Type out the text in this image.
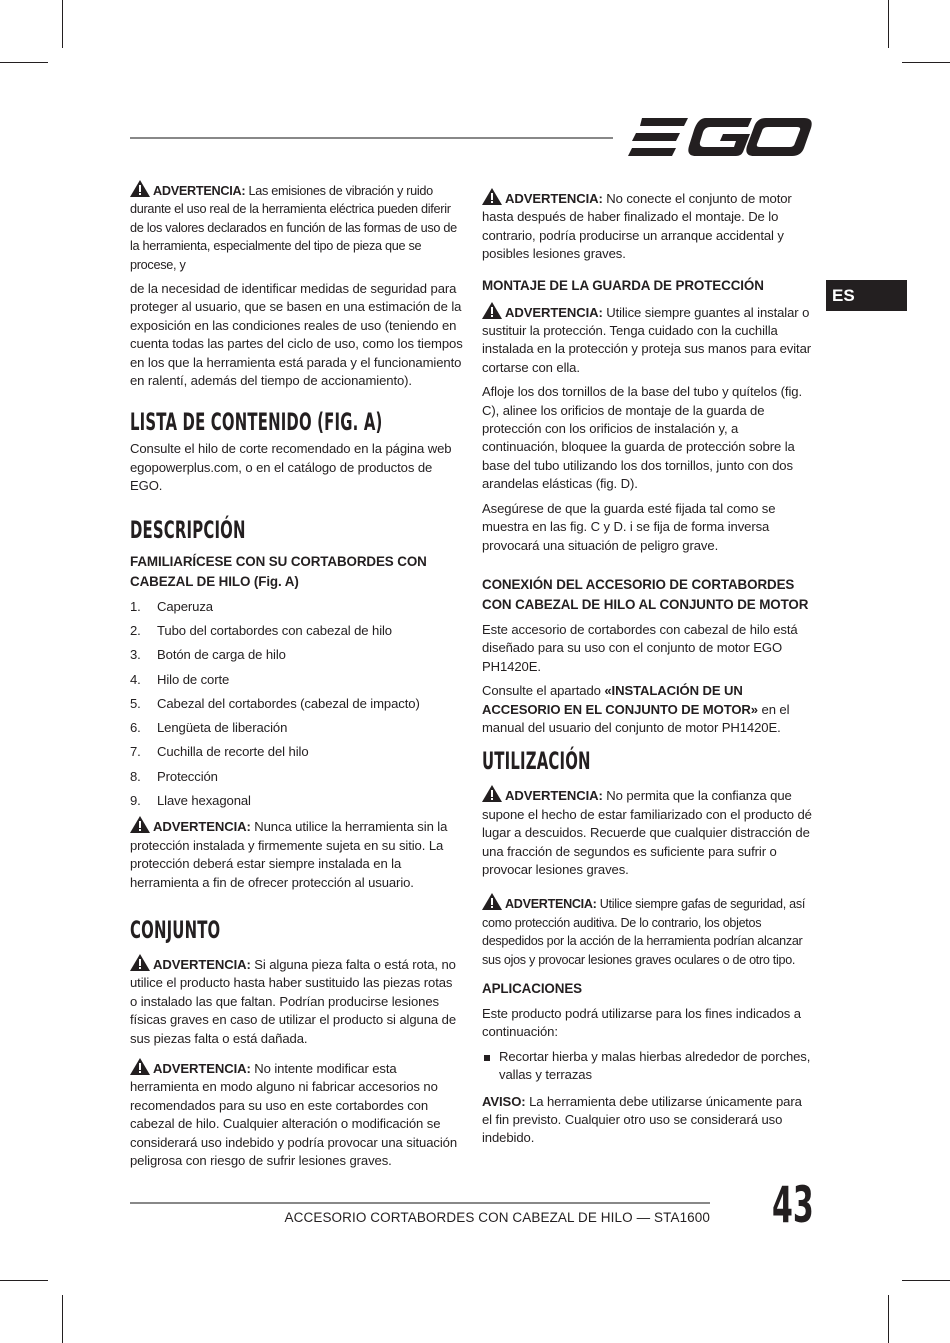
ES
ADVERTENCIA: Las emisiones de vibración y ruido durante el uso real de la herramienta eléctrica pueden diferir de los valores declarados en función de las formas de uso de la herramienta, especialmente del tipo de pieza que se procese, y
de la necesidad de identificar medidas de seguridad para proteger al usuario, que se basen en una estimación de la exposición en las condiciones reales de uso (teniendo en cuenta todas las partes del ciclo de uso, como los tiempos en los que la herramienta está parada y el funcionamiento en ralentí, además del tiempo de accionamiento).
LISTA DE CONTENIDO (FIG. A)
Consulte el hilo de corte recomendado en la página web egopowerplus.com, o en el catálogo de productos de EGO.
DESCRIPCIÓN
FAMILIARÍCESE CON SU CORTABORDES CON CABEZAL DE HILO (Fig. A)
1.	Caperuza
2.	Tubo del cortabordes con cabezal de hilo
3.	Botón de carga de hilo
4.	Hilo de corte
5.	Cabezal del cortabordes (cabezal de impacto)
6.	Lengüeta de liberación
7.	Cuchilla de recorte del hilo
8.	Protección
9.	Llave hexagonal
ADVERTENCIA: Nunca utilice la herramienta sin la protección instalada y firmemente sujeta en su sitio. La protección deberá estar siempre instalada en la herramienta a fin de ofrecer protección al usuario.
CONJUNTO
ADVERTENCIA: Si alguna pieza falta o está rota, no utilice el producto hasta haber sustituido las piezas rotas o instalado las que faltan. Podrían producirse lesiones físicas graves en caso de utilizar el producto si alguna de sus piezas falta o está dañada.
ADVERTENCIA: No intente modificar esta herramienta en modo alguno ni fabricar accesorios no recomendados para su uso en este cortabordes con cabezal de hilo. Cualquier alteración o modificación se considerará uso indebido y podría provocar una situación peligrosa con riesgo de sufrir lesiones graves.
ADVERTENCIA: No conecte el conjunto de motor hasta después de haber finalizado el montaje. De lo contrario, podría producirse un arranque accidental y posibles lesiones graves.
MONTAJE DE LA GUARDA DE PROTECCIÓN
ADVERTENCIA: Utilice siempre guantes al instalar o sustituir la protección. Tenga cuidado con la cuchilla instalada en la protección y proteja sus manos para evitar cortarse con ella.
Afloje los dos tornillos de la base del tubo y quítelos (fig. C), alinee los orificios de montaje de la guarda de protección con los orificios de instalación y, a continuación, bloquee la guarda de protección sobre la base del tubo utilizando los dos tornillos, junto con dos arandelas elásticas (fig. D).
Asegúrese de que la guarda esté fijada tal como se muestra en las fig. C y D. i se fija de forma inversa provocará una situación de peligro grave.
CONEXIÓN DEL ACCESORIO DE CORTABORDES CON CABEZAL DE HILO AL CONJUNTO DE MOTOR
Este accesorio de cortabordes con cabezal de hilo está diseñado para su uso con el conjunto de motor EGO PH1420E.
Consulte el apartado «INSTALACIÓN DE UN ACCESORIO EN EL CONJUNTO DE MOTOR» en el manual del usuario del conjunto de motor PH1420E.
UTILIZACIÓN
ADVERTENCIA: No permita que la confianza que supone el hecho de estar familiarizado con el producto dé lugar a descuidos. Recuerde que cualquier distracción de una fracción de segundos es suficiente para sufrir o provocar lesiones graves.
ADVERTENCIA: Utilice siempre gafas de seguridad, así como protección auditiva. De lo contrario, los objetos despedidos por la acción de la herramienta podrían alcanzar sus ojos y provocar lesiones graves oculares o de otro tipo.
APLICACIONES
Este producto podrá utilizarse para los fines indicados a continuación:
Recortar hierba y malas hierbas alrededor de porches, vallas y terrazas
AVISO: La herramienta debe utilizarse únicamente para el fin previsto. Cualquier otro uso se considerará uso indebido.
ACCESORIO CORTABORDES CON CABEZAL DE HILO — STA1600 43
